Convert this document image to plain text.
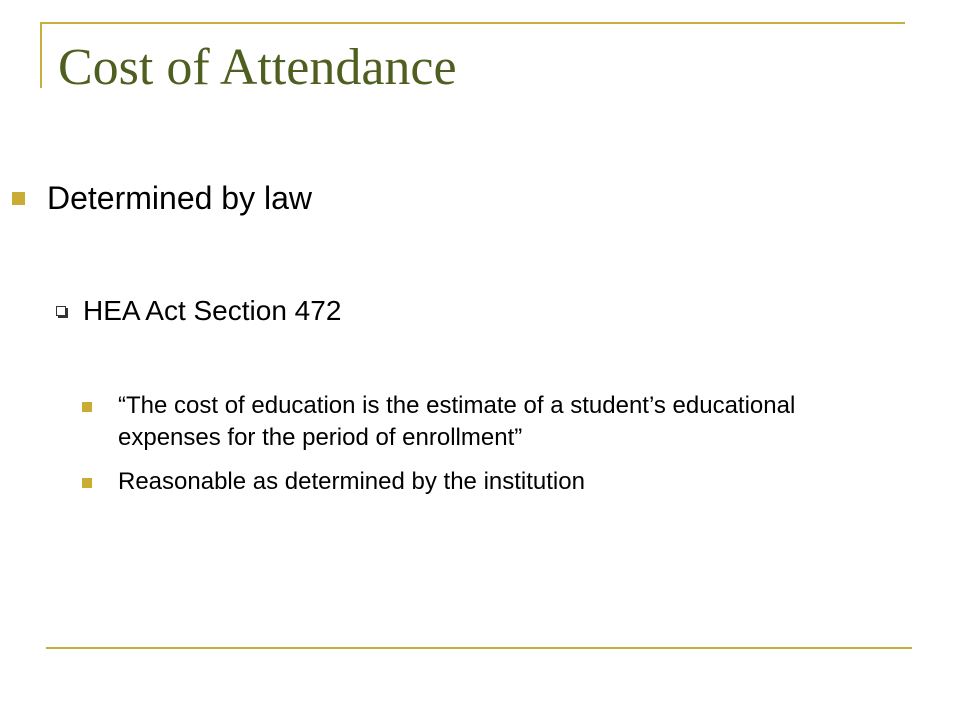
Cost of Attendance
Determined by law
HEA Act Section 472
“The cost of education is the estimate of a student’s educational expenses for the period of enrollment”
Reasonable as determined by the institution
